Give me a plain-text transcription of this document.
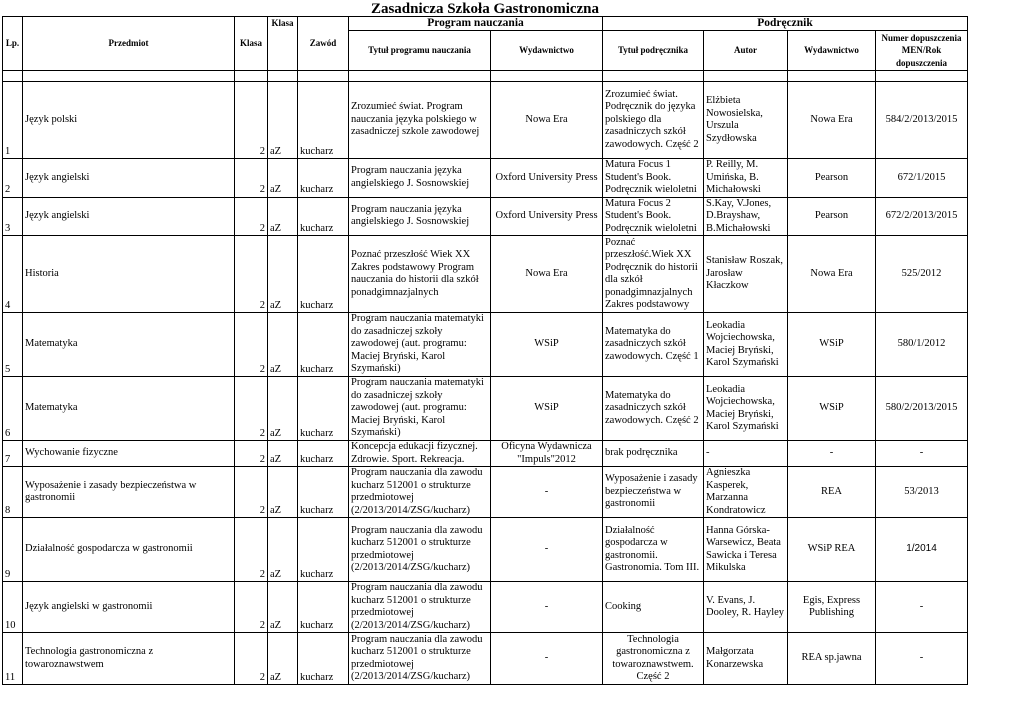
Zasadnicza Szkoła Gastronomiczna
Lp.	Przedmiot	Klasa	Klasa	Zawód	Program nauczania		Podręcznik			
					Tytuł programu nauczania	Wydawnictwo	Tytuł podręcznika	Autor	Wydawnictwo	Numer dopuszczenia
MEN/Rok
dopuszczenia

1	Język polski	2	aZ	kucharz	Zrozumieć świat. Program nauczania języka polskiego w zasadniczej szkole zawodowej	Nowa Era	Zrozumieć świat. Podręcznik do języka polskiego dla zasadniczych szkół zawodowych. Część 2	Elżbieta Nowosielska, Urszula Szydłowska	Nowa Era	584/2/2013/2015
2	Język angielski	2	aZ	kucharz	Program nauczania języka angielskiego J. Sosnowskiej	Oxford University Press	Matura Focus 1 Student's Book. Podręcznik wieloletni	P. Reilly, M. Umińska, B. Michałowski	Pearson	672/1/2015
3	Język angielski	2	aZ	kucharz	Program nauczania języka angielskiego J. Sosnowskiej	Oxford University Press	Matura Focus 2 Student's Book. Podręcznik wieloletni	S.Kay, V.Jones, D.Brayshaw, B.Michałowski	Pearson	672/2/2013/2015
4	Historia	2	aZ	kucharz	Poznać przeszłość Wiek XX Zakres podstawowy Program nauczania do historii dla szkół ponadgimnazjalnych	Nowa Era	Poznać przeszłość.Wiek XX Podręcznik do historii dla szkół ponadgimnazjalnych Zakres podstawowy	Stanisław Roszak, Jarosław Kłaczkow	Nowa Era	525/2012
5	Matematyka	2	aZ	kucharz	Program nauczania matematyki do zasadniczej szkoły zawodowej (aut. programu: Maciej Bryński, Karol Szymański)	WSiP	Matematyka do zasadniczych szkół zawodowych. Część 1	Leokadia Wojciechowska, Maciej Bryński, Karol Szymański	WSiP	580/1/2012
6	Matematyka	2	aZ	kucharz	Program nauczania matematyki do zasadniczej szkoły zawodowej (aut. programu: Maciej Bryński, Karol Szymański)	WSiP	Matematyka do zasadniczych szkół zawodowych. Część 2	Leokadia Wojciechowska, Maciej Bryński, Karol Szymański	WSiP	580/2/2013/2015
7	Wychowanie fizyczne	2	aZ	kucharz	Koncepcja edukacji fizycznej. Zdrowie. Sport. Rekreacja.	Oficyna Wydawnicza "Impuls"2012	brak podręcznika	-	-	-
8	Wyposażenie i zasady bezpieczeństwa w gastronomii	2	aZ	kucharz	Program nauczania dla zawodu kucharz 512001 o strukturze przedmiotowej (2/2013/2014/ZSG/kucharz)	-	Wyposażenie i zasady bezpieczeństwa w gastronomii	Agnieszka Kasperek, Marzanna Kondratowicz	REA	53/2013
9	Działalność gospodarcza w gastronomii	2	aZ	kucharz	Program nauczania dla zawodu kucharz 512001 o strukturze przedmiotowej (2/2013/2014/ZSG/kucharz)	-	Działalność gospodarcza w gastronomii. Gastronomia. Tom III.	Hanna Górska-Warsewicz, Beata Sawicka i Teresa Mikulska	WSiP REA	1/2014
10	Język angielski w gastronomii	2	aZ	kucharz	Program nauczania dla zawodu kucharz 512001 o strukturze przedmiotowej (2/2013/2014/ZSG/kucharz)	-	Cooking	V. Evans, J. Dooley, R. Hayley	Egis, Express Publishing	-
11	Technologia gastronomiczna z towaroznawstwem	2	aZ	kucharz	Program nauczania dla zawodu kucharz 512001 o strukturze przedmiotowej (2/2013/2014/ZSG/kucharz)	-	Technologia gastronomiczna z towaroznawstwem. Część 2	Małgorzata Konarzewska	REA sp.jawna	-
